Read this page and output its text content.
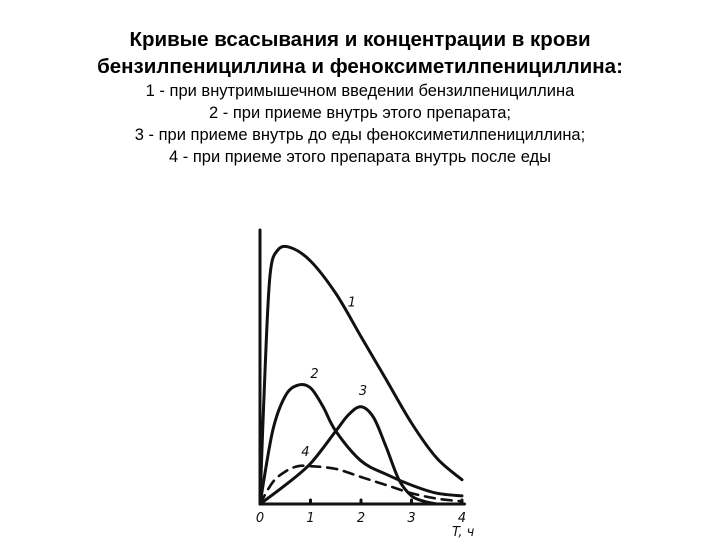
Кривые всасывания и концентрации в крови
бензилпенициллина и феноксиметилпенициллина:
1 - при внутримышечном введении бензилпенициллина
2 - при приеме внутрь этого препарата;
3 - при приеме внутрь до еды феноксиметилпенициллина;
4 - при приеме этого препарата внутрь после еды
0	1	2	3	4
T, ч
1
2
3
4
